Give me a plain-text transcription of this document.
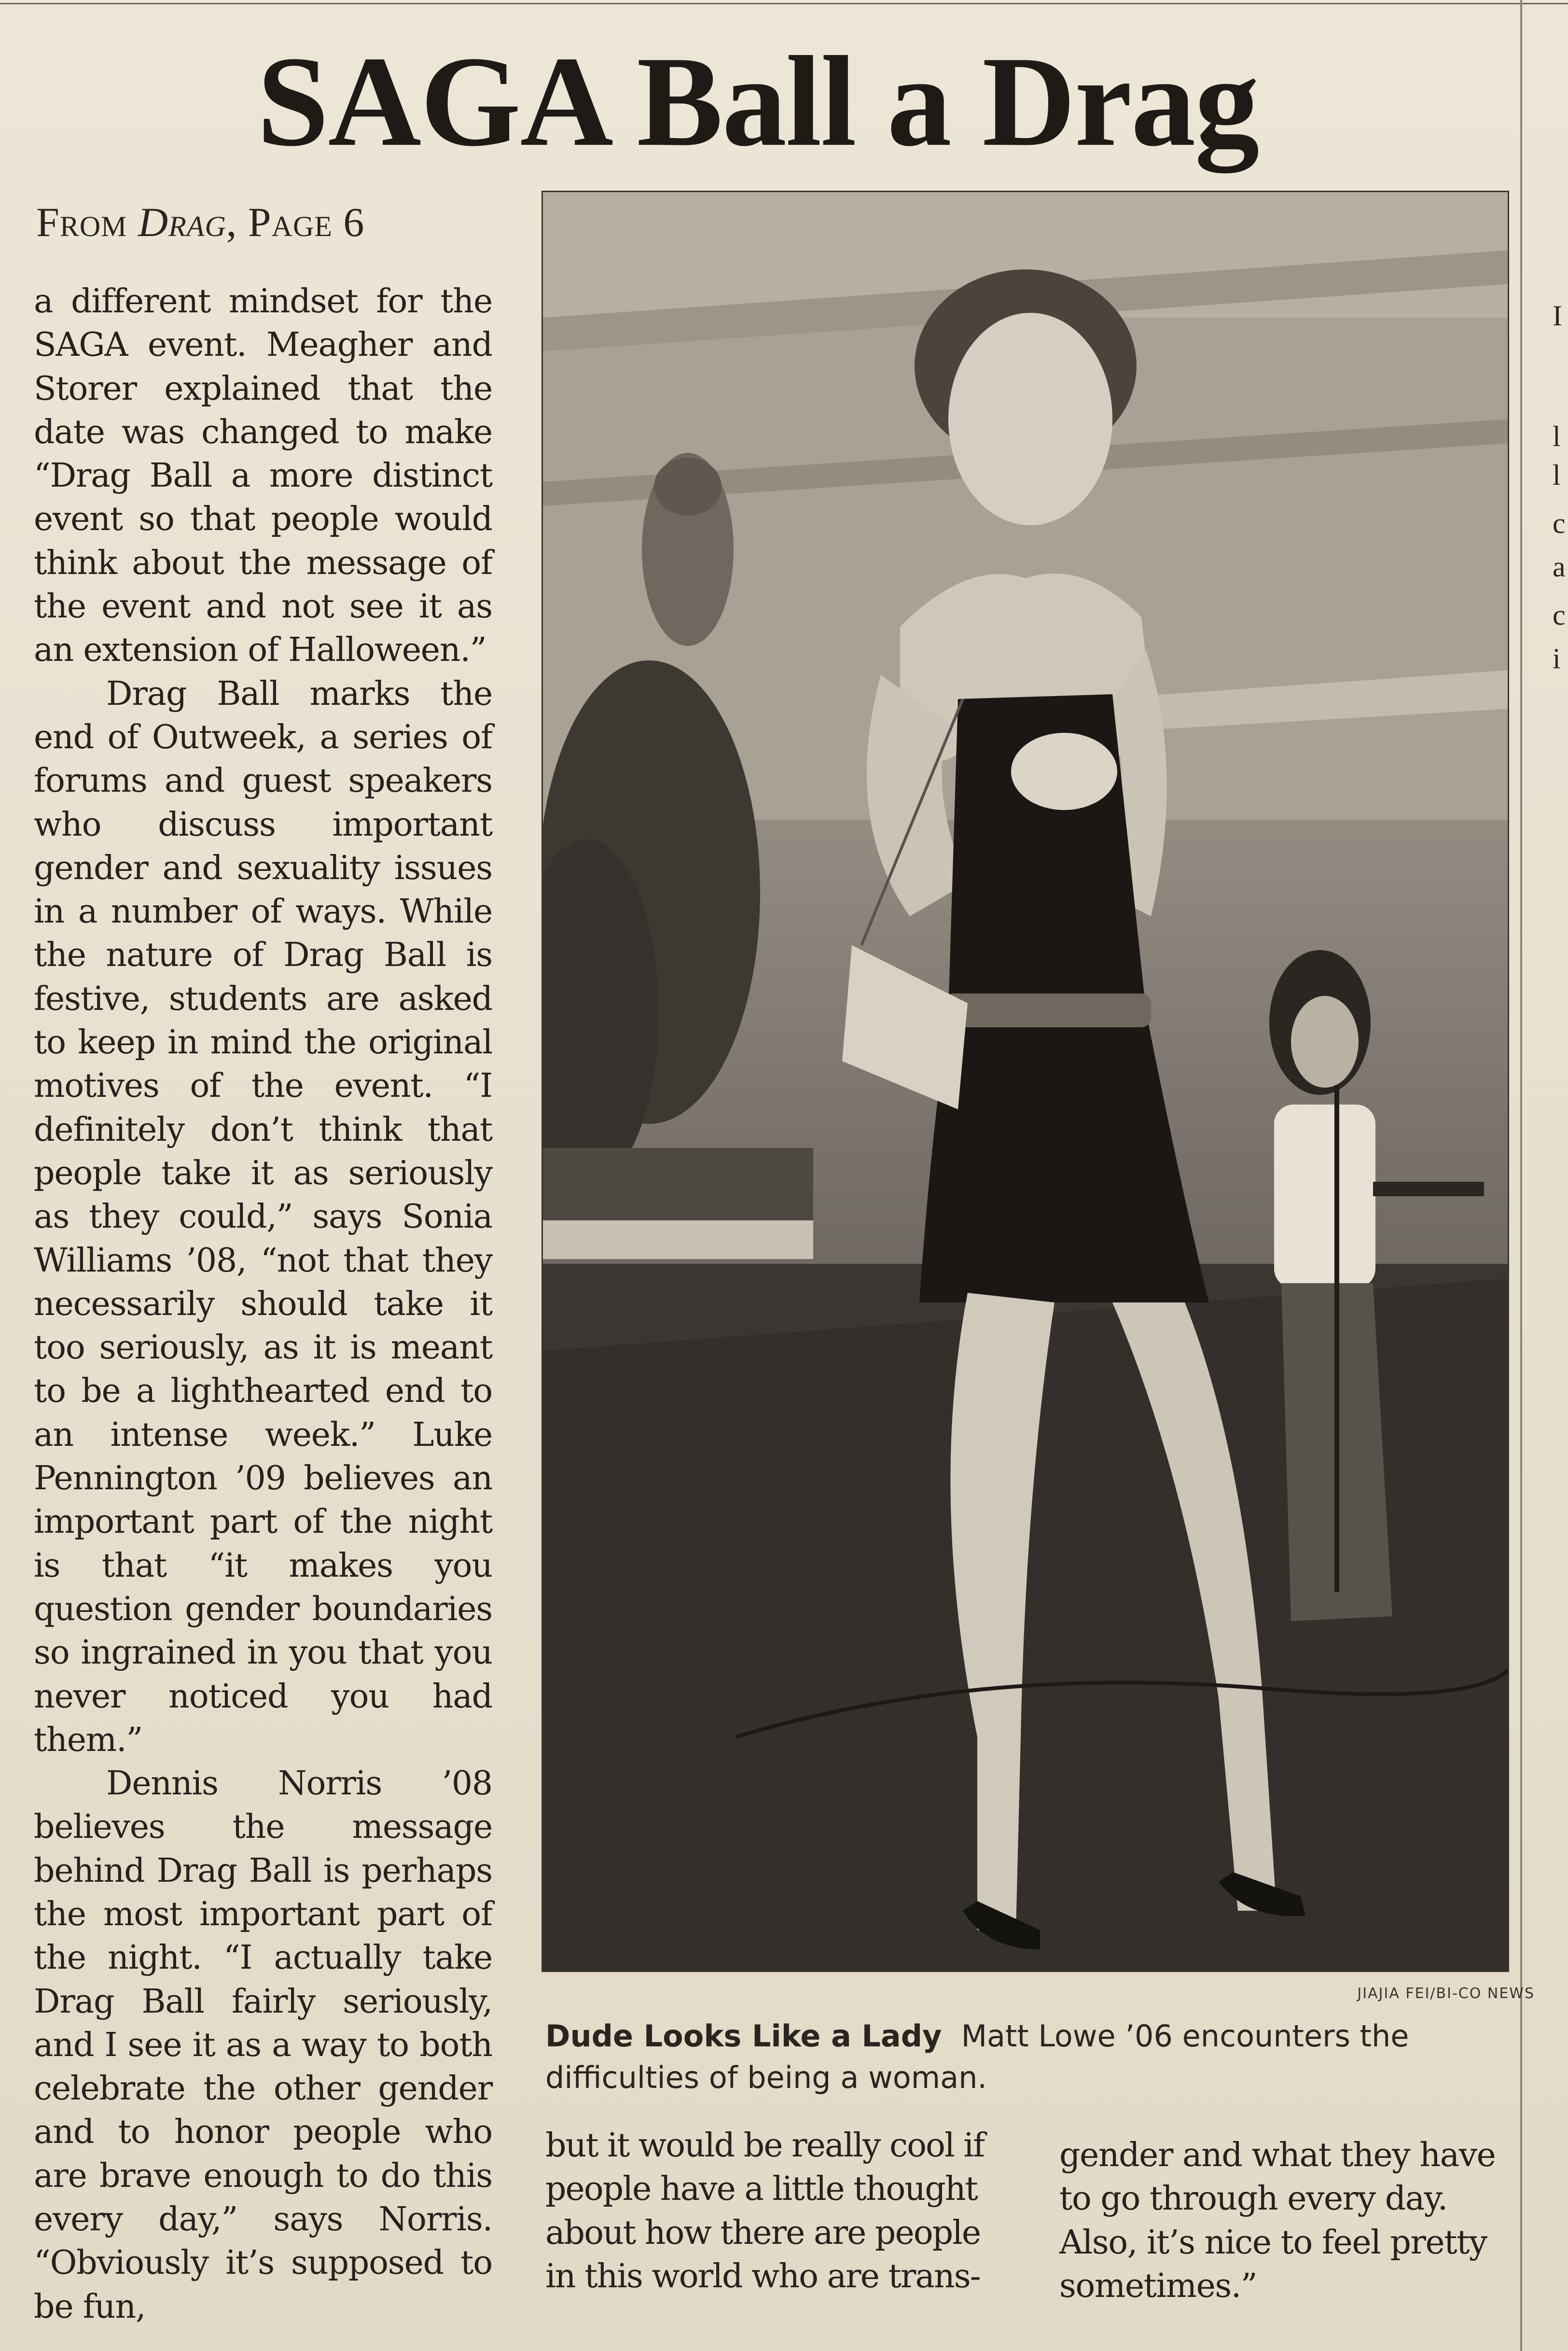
SAGA Ball a Drag
From Drag, Page 6

a different mindset for the SAGA event. Meagher and Storer explained that the date was changed to make “Drag Ball a more distinct event so that people would think about the message of the event and not see it as an extension of Halloween.”

Drag Ball marks the end of Outweek, a series of forums and guest speakers who discuss important gender and sexuality issues in a number of ways. While the nature of Drag Ball is festive, students are asked to keep in mind the original motives of the event. “I definitely don’t think that people take it as seriously as they could,” says Sonia Williams ’08, “not that they necessarily should take it too seriously, as it is meant to be a lighthearted end to an intense week.” Luke Pennington ’09 believes an important part of the night is that “it makes you question gender boundaries so ingrained in you that you never noticed you had them.”

Dennis Norris ’08 believes the message behind Drag Ball is perhaps the most important part of the night. “I actually take Drag Ball fairly seriously, and I see it as a way to both celebrate the other gender and to honor people who are brave enough to do this every day,” says Norris. “Obviously it’s supposed to be fun,

JIAJIA FEI/BI-CO NEWS
Dude Looks Like a Lady Matt Lowe ’06 encounters the difficulties of being a woman.

but it would be really cool if people have a little thought about how there are people in this world who are trans-

gender and what they have to go through every day. Also, it’s nice to feel pretty sometimes.”

I
l
l
c
a
c
i
